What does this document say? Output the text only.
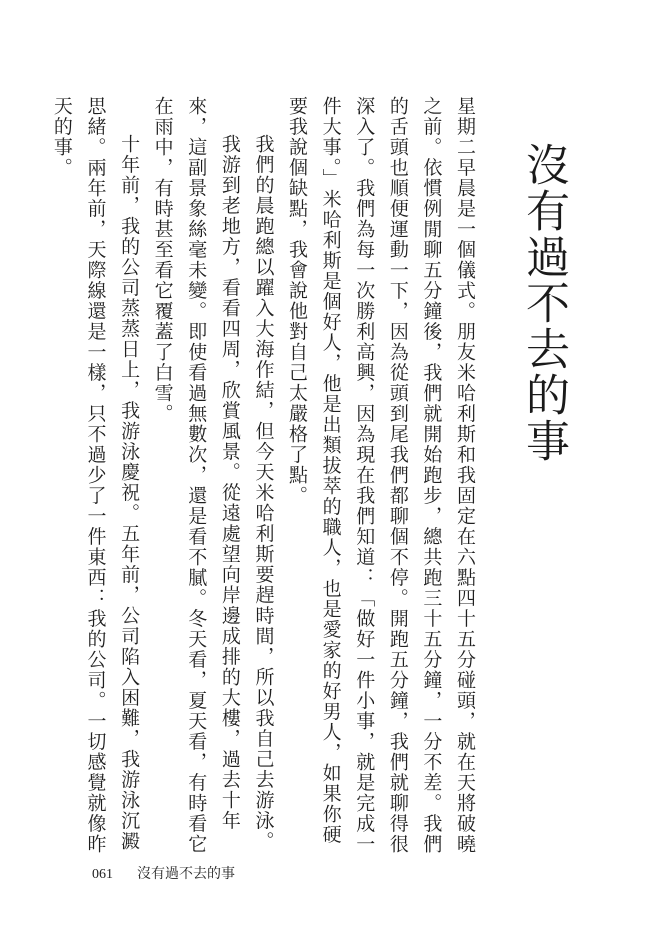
沒有過不去的事

星期二早晨是一個儀式。朋友米哈利斯和我固定在六點四十五分碰頭，就在天將破曉之前。依慣例閒聊五分鐘後，我們就開始跑步，總共跑三十五分鐘，一分不差。我們的舌頭也順便運動一下，因為從頭到尾我們都聊個不停。開跑五分鐘，我們就聊得很深入了。我們為每一次勝利高興，因為現在我們知道：「做好一件小事，就是完成一件大事。」米哈利斯是個好人，他是出類拔萃的職人，也是愛家的好男人，如果你硬要我說個缺點，我會說他對自己太嚴格了點。

我們的晨跑總以躍入大海作結，但今天米哈利斯要趕時間，所以我自己去游泳。

我游到老地方，看看四周，欣賞風景。從遠處望向岸邊成排的大樓，過去十年來，這副景象絲毫未變。即使看過無數次，還是看不膩。冬天看，夏天看，有時看它在雨中，有時甚至看它覆蓋了白雪。

十年前，我的公司蒸蒸日上，我游泳慶祝。五年前，公司陷入困難，我游泳沉澱思緒。兩年前，天際線還是一樣，只不過少了一件東西：我的公司。一切感覺就像昨天的事。

061 沒有過不去的事
